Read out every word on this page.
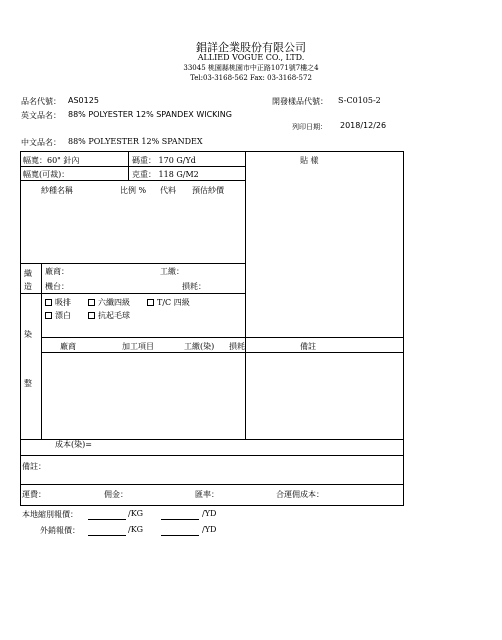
錩詳企業股份有限公司
ALLIED VOGUE CO., LTD.
33045 桃園縣桃園市中正路1071號7樓之4
Tel:03-3168-562 Fax: 03-3168-572
品名代號： AS0125	開發樣品代號： S-C0105-2
英文品名： 88% POLYESTER 12% SPANDEX WICKING
列印日期： 2018/12/26
中文品名： 88% POLYESTER 12% SPANDEX
幅寬：60" 針內	碼重： 170 G/Yd	貼 樣
幅寬(可裁)：	克重： 118 G/M2
紗種名稱	比例 % 代料 預估紗價
織
造
廠商：	工繳：
機台：	損耗：
吸排	六纖四級	T/C 四級
漂白	抗起毛球
染
整
廠商	加工項目	工繳(染) 損耗	備註
成本(染)=
備註：
運費：	佣金：	匯率：	合運佣成本：
本地縮別報價：	/KG	/YD
外銷報價：	/KG	/YD
